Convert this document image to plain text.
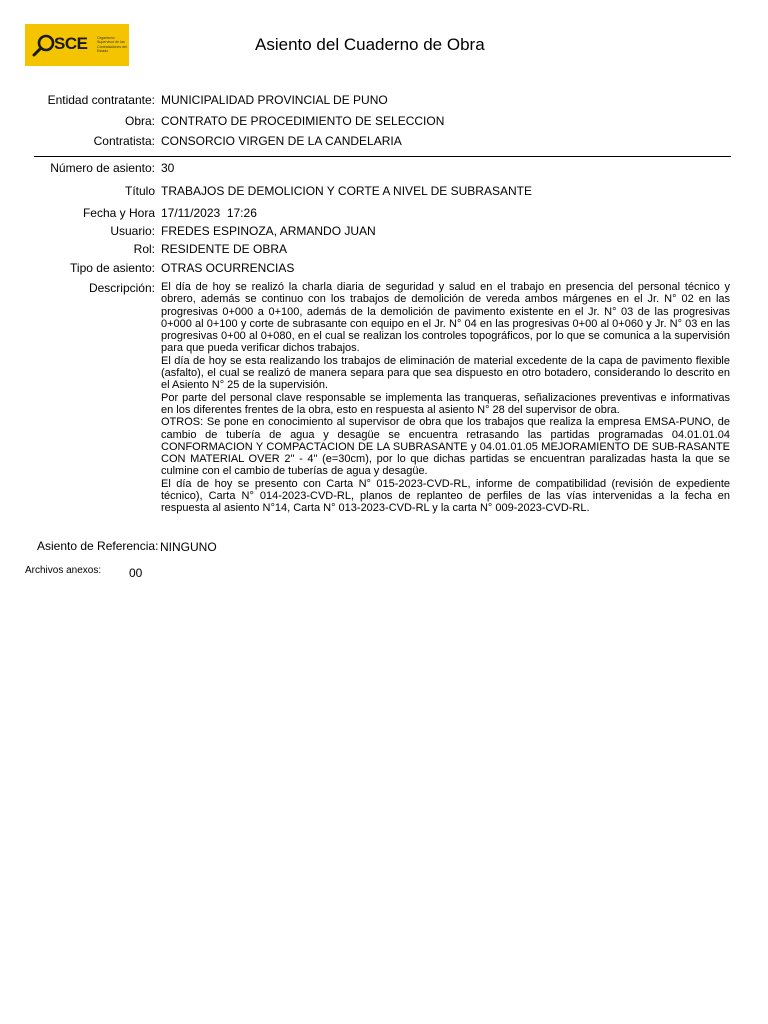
SCE	Organismo Supervisor de las Contrataciones del Estado	Asiento del Cuaderno de Obra
Entidad contratante: MUNICIPALIDAD PROVINCIAL DE PUNO
Obra: CONTRATO DE PROCEDIMIENTO DE SELECCION
Contratista: CONSORCIO VIRGEN DE LA CANDELARIA
Número de asiento: 30
Título TRABAJOS DE DEMOLICION Y CORTE A NIVEL DE SUBRASANTE
Fecha y Hora 17/11/2023  17:26
Usuario: FREDES ESPINOZA, ARMANDO JUAN
Rol: RESIDENTE DE OBRA
Tipo de asiento: OTRAS OCURRENCIAS
Descripción: El día de hoy se realizó la charla diaria de seguridad y salud en el trabajo en presencia del personal técnico y obrero, además se continuo con los trabajos de demolición de vereda ambos márgenes en el Jr. N° 02 en las progresivas 0+000 a 0+100, además de la demolición de pavimento existente en el Jr. N° 03 de las progresivas 0+000 al 0+100 y corte de subrasante con equipo en el Jr. N° 04 en las progresivas 0+00 al 0+060 y Jr. N° 03 en las progresivas 0+00 al 0+080, en el cual se realizan los controles topográficos, por lo que se comunica a la supervisión para que pueda verificar dichos trabajos.

El día de hoy se esta realizando los trabajos de eliminación de material excedente de la capa de pavimento flexible (asfalto), el cual se realizó de manera separa para que sea dispuesto en otro botadero, considerando lo descrito en el Asiento N° 25 de la supervisión.

Por parte del personal clave responsable se implementa las tranqueras, señalizaciones preventivas e informativas en los diferentes frentes de la obra, esto en respuesta al asiento N° 28 del supervisor de obra.

OTROS: Se pone en conocimiento al supervisor de obra que los trabajos que realiza la empresa EMSA-PUNO, de cambio de tubería de agua y desagüe se encuentra retrasando las partidas programadas 04.01.01.04 CONFORMACION Y COMPACTACION DE LA SUBRASANTE y 04.01.01.05 MEJORAMIENTO DE SUB-RASANTE CON MATERIAL OVER 2" - 4" (e=30cm), por lo que dichas partidas se encuentran paralizadas hasta la que se culmine con el cambio de tuberías de agua y desagüe.

El día de hoy se presento con Carta N° 015-2023-CVD-RL, informe de compatibilidad (revisión de expediente técnico), Carta N° 014-2023-CVD-RL, planos de replanteo de perfiles de las vías intervenidas a la fecha en respuesta al asiento N°14, Carta N° 013-2023-CVD-RL y la carta N° 009-2023-CVD-RL.

Asiento de Referencia: NINGUNO
Archivos anexos: 00
